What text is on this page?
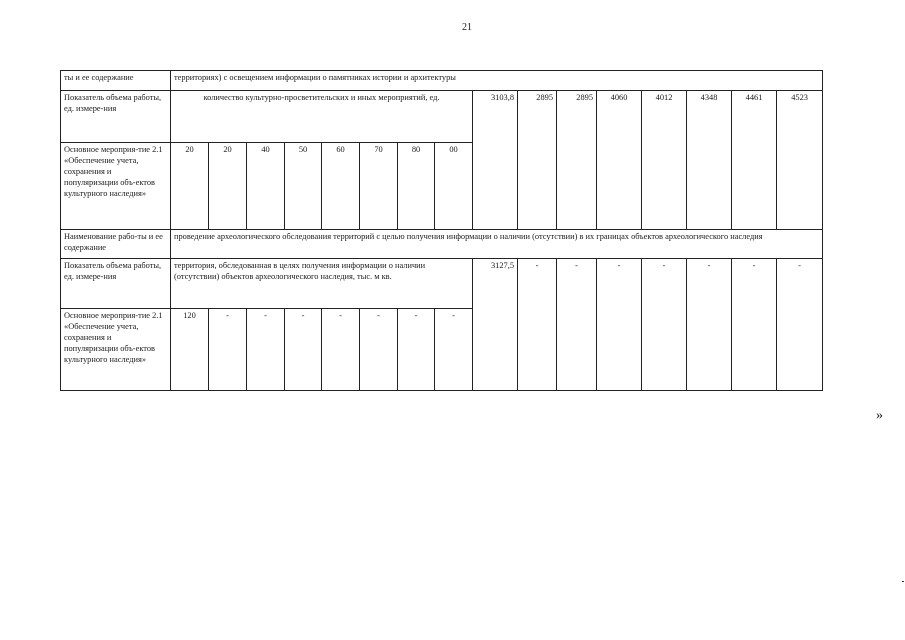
21
ты и ее содержание	территориях) с освещением информации о памятниках истории и архитектуры															
Показатель объема работы, ед. измере-ния	количество культурно-просветительских и иных мероприятий, ед.								3103,8	2895	2895	4060	4012	4348	4461	4523
Основное мероприя-тие 2.1 «Обеспечение учета, сохранения и популяризации объ-ектов культурного наследия»	20	20	40	50	60	70	80	00								
Наименование рабо-ты и ее содержание	проведение археологического обследования территорий с целью получения информации о наличии (отсутствии) в их границах объектов археологического наследия															
Показатель объема работы, ед. измере-ния	территория, обследованная в целях получения информации о наличии (отсутствии) объектов археологического наследия, тыс. м кв.								3127,5	-	-	-	-	-	-	-
Основное мероприя-тие 2.1 «Обеспечение учета, сохранения и популяризации объ-ектов культурного наследия»	120	-	-	-	-	-	-	-								
»
